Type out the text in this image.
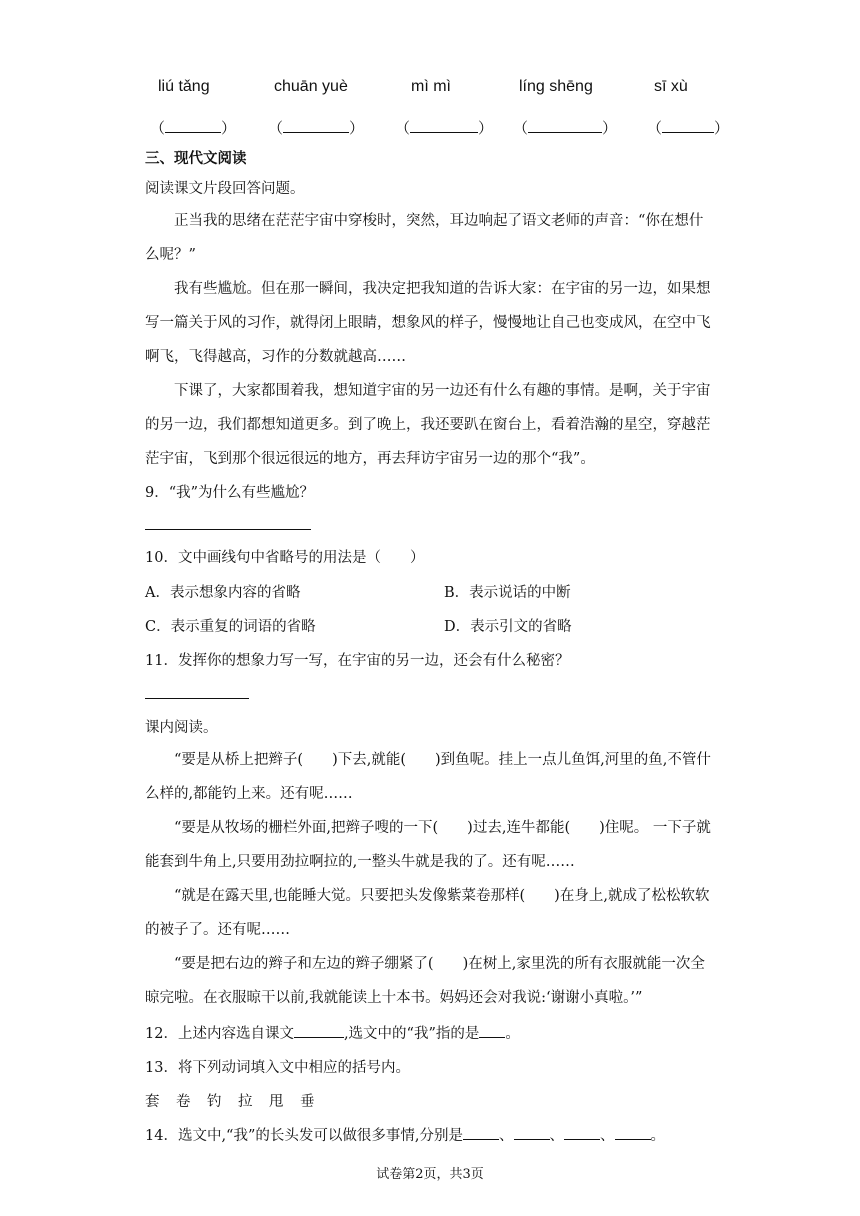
liú tǎng	chuān yuè	mì mì	líng shēng	sī xù
（	） （	） （	） （	） （	）
三、现代文阅读
阅读课文片段回答问题。
正当我的思绪在茫茫宇宙中穿梭时，突然，耳边响起了语文老师的声音：“你在想什么呢？”
我有些尴尬。但在那一瞬间，我决定把我知道的告诉大家：在宇宙的另一边，如果想写一篇关于风的习作，就得闭上眼睛，想象风的样子，慢慢地让自己也变成风，在空中飞啊飞，飞得越高，习作的分数就越高……
下课了，大家都围着我，想知道宇宙的另一边还有什么有趣的事情。是啊，关于宇宙的另一边，我们都想知道更多。到了晚上，我还要趴在窗台上，看着浩瀚的星空，穿越茫茫宇宙，飞到那个很远很远的地方，再去拜访宇宙另一边的那个“我”。
9．“我”为什么有些尴尬？
10．文中画线句中省略号的用法是（　　）
A．表示想象内容的省略	B．表示说话的中断
C．表示重复的词语的省略	D．表示引文的省略
11．发挥你的想象力写一写，在宇宙的另一边，还会有什么秘密？
课内阅读。
“要是从桥上把辫子(　　)下去,就能(　　)到鱼呢。挂上一点儿鱼饵,河里的鱼,不管什么样的,都能钓上来。还有呢……
“要是从牧场的栅栏外面,把辫子嗖的一下(　　)过去,连牛都能(　　)住呢。 一下子就能套到牛角上,只要用劲拉啊拉的,一整头牛就是我的了。还有呢……
“就是在露天里,也能睡大觉。只要把头发像紫菜卷那样(　　)在身上,就成了松松软软的被子了。还有呢……
“要是把右边的辫子和左边的辫子绷紧了(　　)在树上,家里洗的所有衣服就能一次全晾完啦。在衣服晾干以前,我就能读上十本书。妈妈还会对我说:‘谢谢小真啦。’”
12．上述内容选自课文	,选文中的“我”指的是 。
13．将下列动词填入文中相应的括号内。
套　卷　钓　拉　甩　垂
14．选文中,“我”的长头发可以做很多事情,分别是 、 、 、 。
试卷第2页，共3页
